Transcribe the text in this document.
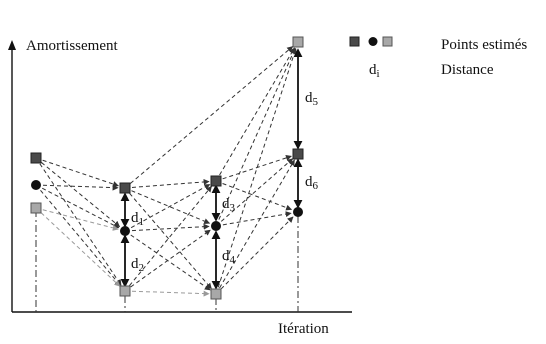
Amortissement
Itération
$d_1$
$d_2$
$d_3$
$d_4$
$d_5$
$d_6$
Points estimés
$d_i$	Distance
